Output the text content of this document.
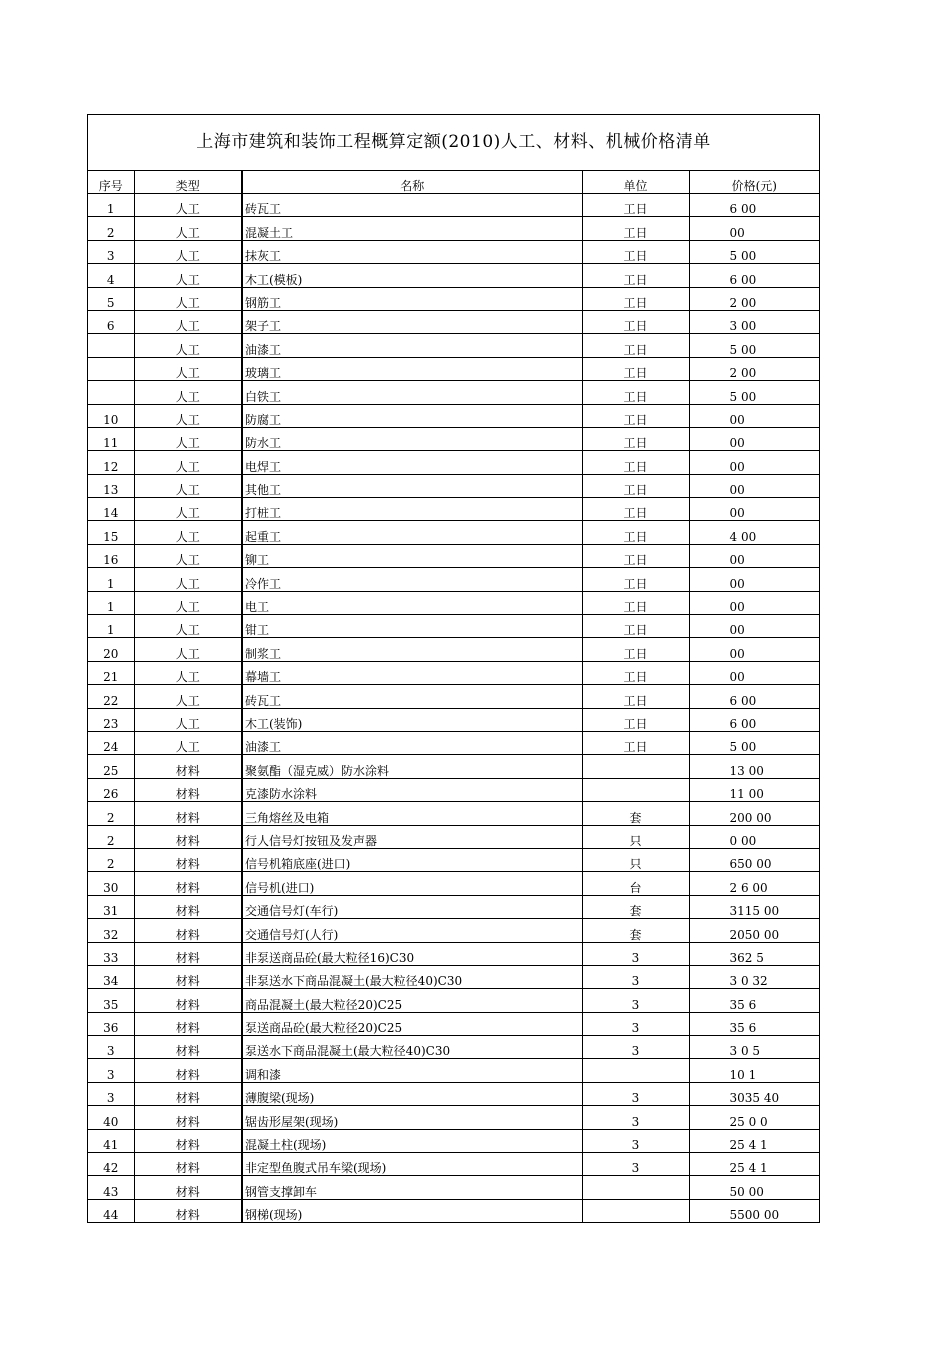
上海市建筑和装饰工程概算定额(2010)人工、材料、机械价格清单
序号	类型	名称	单位	价格(元)
1	人工	砖瓦工	工日	6 00
2	人工	混凝土工	工日	00
3	人工	抹灰工	工日	5 00
4	人工	木工(模板)	工日	6 00
5	人工	钢筋工	工日	2 00
6	人工	架子工	工日	3 00
	人工	油漆工	工日	5 00
	人工	玻璃工	工日	2 00
	人工	白铁工	工日	5 00
10	人工	防腐工	工日	00
11	人工	防水工	工日	00
12	人工	电焊工	工日	00
13	人工	其他工	工日	00
14	人工	打桩工	工日	00
15	人工	起重工	工日	4 00
16	人工	铆工	工日	00
1	人工	冷作工	工日	00
1	人工	电工	工日	00
1	人工	钳工	工日	00
20	人工	制浆工	工日	00
21	人工	幕墙工	工日	00
22	人工	砖瓦工	工日	6 00
23	人工	木工(装饰)	工日	6 00
24	人工	油漆工	工日	5 00
25	材料	聚氨酯（湿克威）防水涂料		13 00
26	材料	克漆防水涂料		11 00
2	材料	三角熔丝及电箱	套	200 00
2	材料	行人信号灯按钮及发声器	只	0 00
2	材料	信号机箱底座(进口)	只	650 00
30	材料	信号机(进口)	台	2 6 00
31	材料	交通信号灯(车行)	套	3115 00
32	材料	交通信号灯(人行)	套	2050 00
33	材料	非泵送商品砼(最大粒径16)C30	3	362 5
34	材料	非泵送水下商品混凝土(最大粒径40)C30	3	3 0 32
35	材料	商品混凝土(最大粒径20)C25	3	35 6
36	材料	泵送商品砼(最大粒径20)C25	3	35 6
3	材料	泵送水下商品混凝土(最大粒径40)C30	3	3 0 5
3	材料	调和漆		10 1
3	材料	薄腹梁(现场)	3	3035 40
40	材料	锯齿形屋架(现场)	3	25 0 0
41	材料	混凝土柱(现场)	3	25 4 1
42	材料	非定型鱼腹式吊车梁(现场)	3	25 4 1
43	材料	钢管支撑卸车		50 00
44	材料	钢梯(现场)		5500 00
